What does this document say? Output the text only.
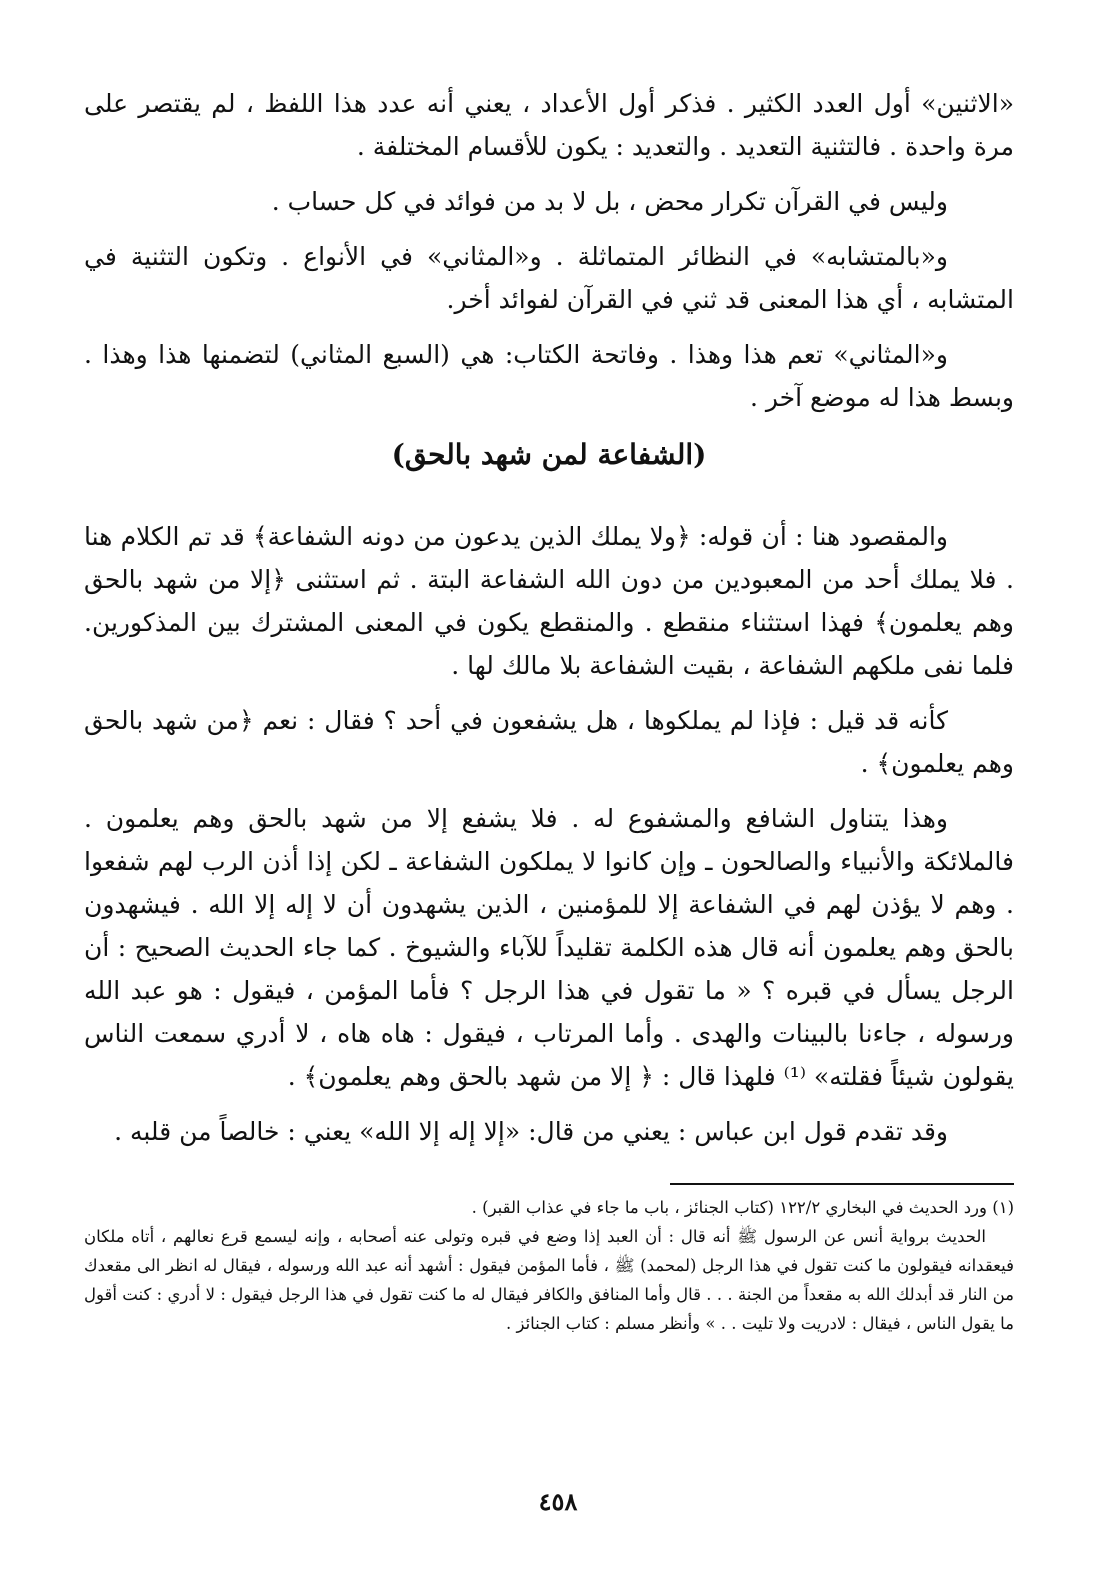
«الاثنين» أول العدد الكثير . فذكر أول الأعداد ، يعني أنه عدد هذا اللفظ ، لم يقتصر على مرة واحدة . فالتثنية التعديد . والتعديد : يكون للأقسام المختلفة .

وليس في القرآن تكرار محض ، بل لا بد من فوائد في كل حساب .

و«بالمتشابه» في النظائر المتماثلة . و«المثاني» في الأنواع . وتكون التثنية في المتشابه ، أي هذا المعنى قد ثني في القرآن لفوائد أخر.

و«المثاني» تعم هذا وهذا . وفاتحة الكتاب: هي (السبع المثاني) لتضمنها هذا وهذا . وبسط هذا له موضع آخر .

(الشفاعة لمن شهد بالحق)

والمقصود هنا : أن قوله: ﴿ولا يملك الذين يدعون من دونه الشفاعة﴾ قد تم الكلام هنا . فلا يملك أحد من المعبودين من دون الله الشفاعة البتة . ثم استثنى ﴿إلا من شهد بالحق وهم يعلمون﴾ فهذا استثناء منقطع . والمنقطع يكون في المعنى المشترك بين المذكورين. فلما نفى ملكهم الشفاعة ، بقيت الشفاعة بلا مالك لها .

كأنه قد قيل : فإذا لم يملكوها ، هل يشفعون في أحد ؟ فقال : نعم ﴿من شهد بالحق وهم يعلمون﴾ .

وهذا يتناول الشافع والمشفوع له . فلا يشفع إلا من شهد بالحق وهم يعلمون . فالملائكة والأنبياء والصالحون ـ وإن كانوا لا يملكون الشفاعة ـ لكن إذا أذن الرب لهم شفعوا . وهم لا يؤذن لهم في الشفاعة إلا للمؤمنين ، الذين يشهدون أن لا إله إلا الله . فيشهدون بالحق وهم يعلمون أنه قال هذه الكلمة تقليداً للآباء والشيوخ . كما جاء الحديث الصحيح : أن الرجل يسأل في قبره ؟ « ما تقول في هذا الرجل ؟ فأما المؤمن ، فيقول : هو عبد الله ورسوله ، جاءنا بالبينات والهدى . وأما المرتاب ، فيقول : هاه هاه ، لا أدري سمعت الناس يقولون شيئاً فقلته» ⁽¹⁾ فلهذا قال : ﴿ إلا من شهد بالحق وهم يعلمون﴾ .

وقد تقدم قول ابن عباس : يعني من قال: «إلا إله إلا الله» يعني : خالصاً من قلبه .

(١) ورد الحديث في البخاري ١٢٢/٢ (كتاب الجنائز ، باب ما جاء في عذاب القبر) .

الحديث برواية أنس عن الرسول ﷺ أنه قال : أن العبد إذا وضع في قبره وتولى عنه أصحابه ، وإنه ليسمع قرع نعالهم ، أتاه ملكان فيعقدانه فيقولون ما كنت تقول في هذا الرجل (لمحمد) ﷺ ، فأما المؤمن فيقول : أشهد أنه عبد الله ورسوله ، فيقال له انظر الى مقعدك من النار قد أبدلك الله به مقعداً من الجنة . . . قال وأما المنافق والكافر فيقال له ما كنت تقول في هذا الرجل فيقول : لا أدري : كنت أقول ما يقول الناس ، فيقال : لادريت ولا تليت . . » وأنظر مسلم : كتاب الجنائز .

٤٥٨
